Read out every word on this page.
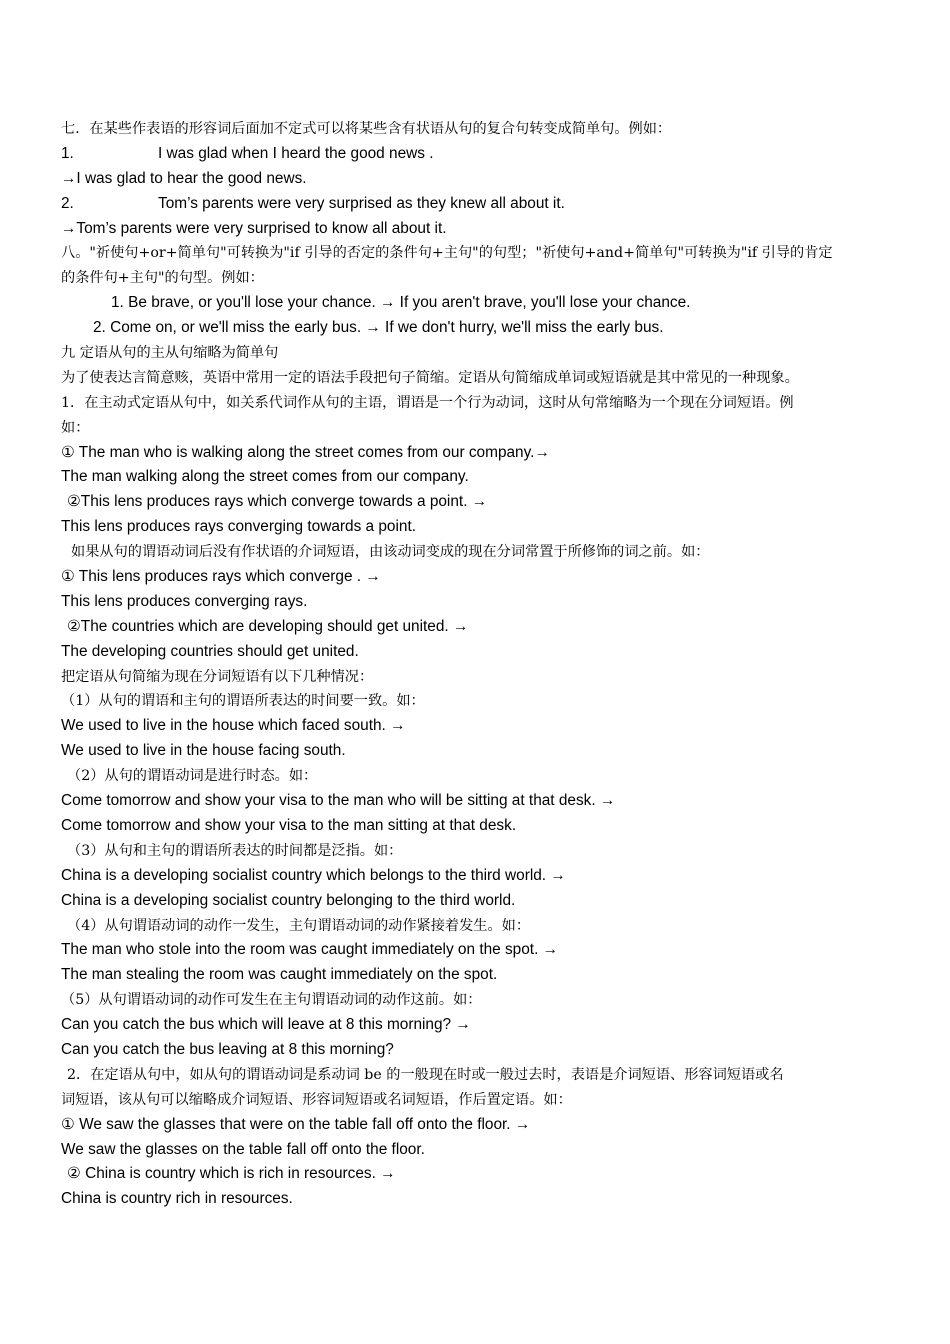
七．在某些作表语的形容词后面加不定式可以将某些含有状语从句的复合句转变成简单句。例如：
1.	I was glad when I heard the good news .
→I was glad to hear the good news.
2.	Tom’s parents were very surprised as they knew all about it.
→Tom’s parents were very surprised to know all about it.
八。"祈使句+or+简单句"可转换为"if 引导的否定的条件句+主句"的句型；"祈使句+and+简单句"可转换为"if 引导的肯定
的条件句+主句"的句型。例如：
1. Be brave, or you'll lose your chance. → If you aren't brave, you'll lose your chance.
2. Come on, or we'll miss the early bus. → If we don't hurry, we'll miss the early bus.
九 定语从句的主从句缩略为简单句
为了使表达言简意赅，英语中常用一定的语法手段把句子简缩。定语从句简缩成单词或短语就是其中常见的一种现象。
1．在主动式定语从句中，如关系代词作从句的主语，谓语是一个行为动词，这时从句常缩略为一个现在分词短语。例
如：
① The man who is walking along the street comes from our company.→
The man walking along the street comes from our company.
②This lens produces rays which converge towards a point. →
This lens produces rays converging towards a point.
如果从句的谓语动词后没有作状语的介词短语，由该动词变成的现在分词常置于所修饰的词之前。如：
① This lens produces rays which converge . →
This lens produces converging rays.
②The countries which are developing should get united. →
The developing countries should get united.
把定语从句简缩为现在分词短语有以下几种情况：
（1）从句的谓语和主句的谓语所表达的时间要一致。如：
We used to live in the house which faced south. →
We used to live in the house facing south.
（2）从句的谓语动词是进行时态。如：
Come tomorrow and show your visa to the man who will be sitting at that desk. →
Come tomorrow and show your visa to the man sitting at that desk.
（3）从句和主句的谓语所表达的时间都是泛指。如：
China is a developing socialist country which belongs to the third world. →
China is a developing socialist country belonging to the third world.
（4）从句谓语动词的动作一发生，主句谓语动词的动作紧接着发生。如：
The man who stole into the room was caught immediately on the spot. →
The man stealing the room was caught immediately on the spot.
（5）从句谓语动词的动作可发生在主句谓语动词的动作这前。如：
Can you catch the bus which will leave at 8 this morning? →
Can you catch the bus leaving at 8 this morning?
2．在定语从句中，如从句的谓语动词是系动词 be 的一般现在时或一般过去时，表语是介词短语、形容词短语或名
词短语，该从句可以缩略成介词短语、形容词短语或名词短语，作后置定语。如：
① We saw the glasses that were on the table fall off onto the floor. →
We saw the glasses on the table fall off onto the floor.
② China is country which is rich in resources. →
China is country rich in resources.
